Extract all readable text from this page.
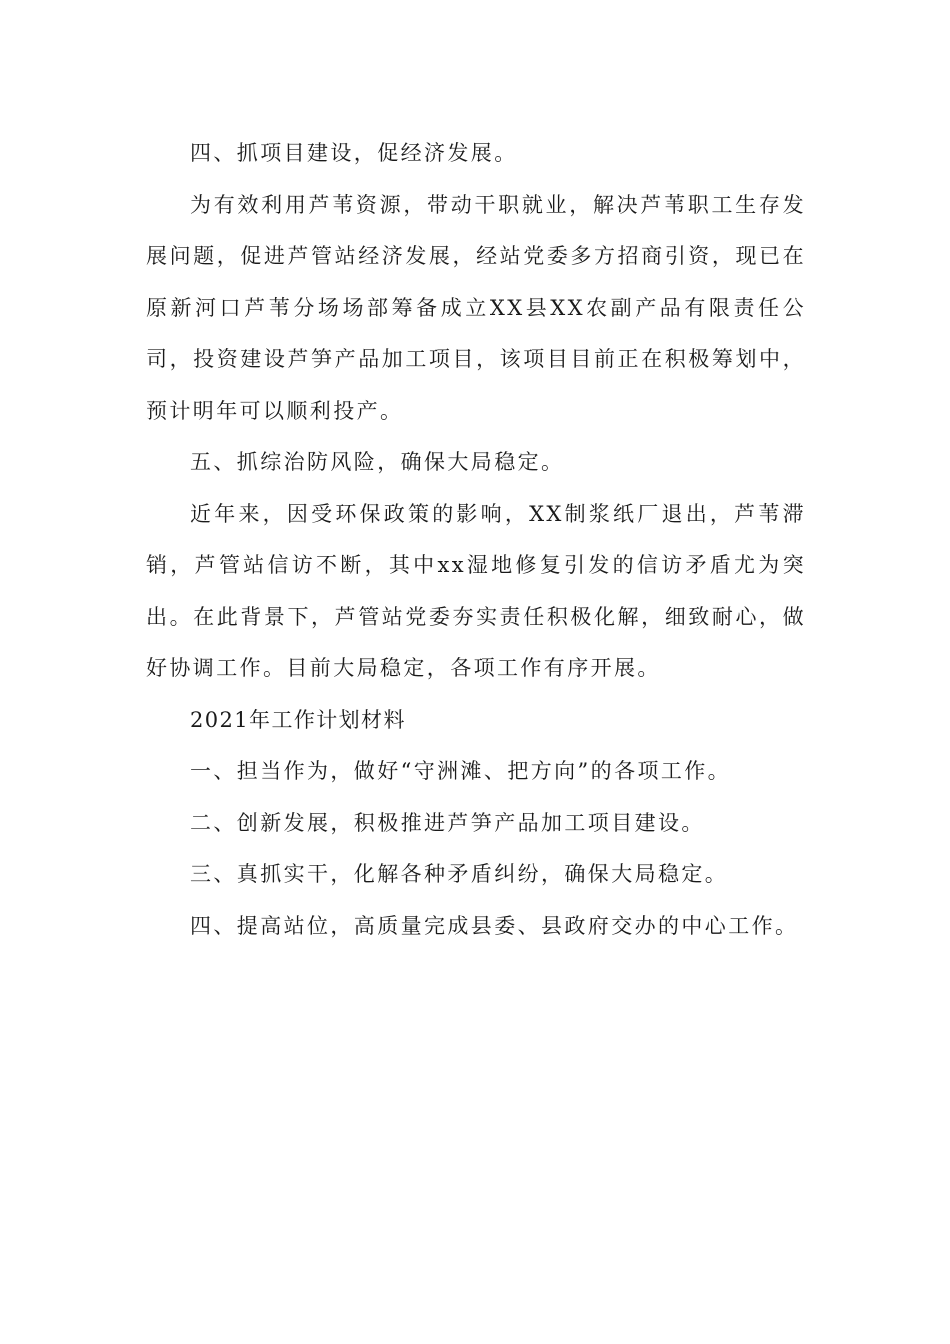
四、抓项目建设，促经济发展。

为有效利用芦苇资源，带动干职就业，解决芦苇职工生存发展问题，促进芦管站经济发展，经站党委多方招商引资，现已在原新河口芦苇分场场部筹备成立XX县XX农副产品有限责任公司，投资建设芦笋产品加工项目，该项目目前正在积极筹划中，预计明年可以顺利投产。

五、抓综治防风险，确保大局稳定。

近年来，因受环保政策的影响，XX制浆纸厂退出，芦苇滞销，芦管站信访不断，其中xx湿地修复引发的信访矛盾尤为突出。在此背景下，芦管站党委夯实责任积极化解，细致耐心，做好协调工作。目前大局稳定，各项工作有序开展。

2021年工作计划材料

一、担当作为，做好“守洲滩、把方向”的各项工作。

二、创新发展，积极推进芦笋产品加工项目建设。

三、真抓实干，化解各种矛盾纠纷，确保大局稳定。

四、提高站位，高质量完成县委、县政府交办的中心工作。
